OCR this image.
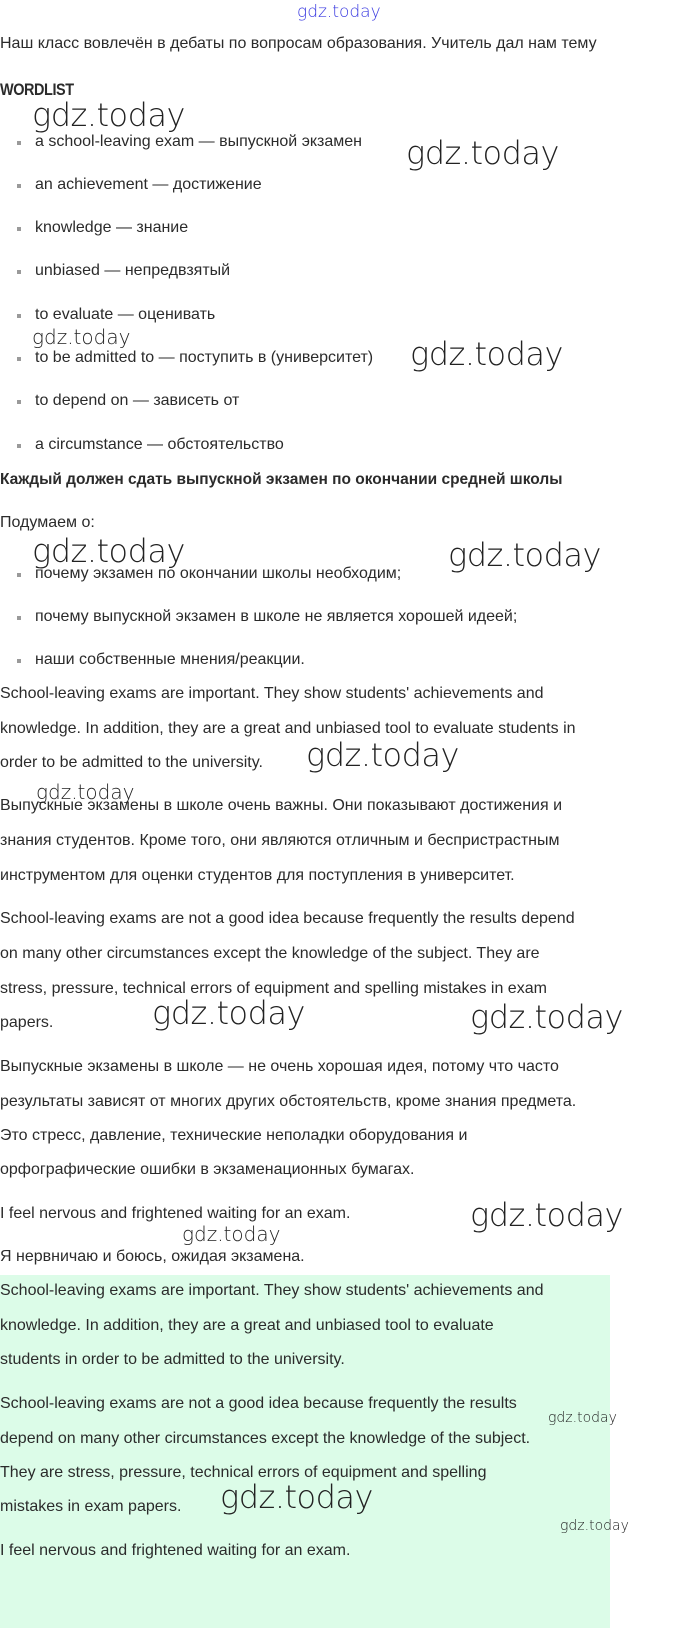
gdz.today
Наш класс вовлечён в дебаты по вопросам образования. Учитель дал нам тему
WORDLIST
Каждый должен сдать выпускной экзамен по окончании средней школы
Подумаем о:
a school-leaving exam — выпускной экзамен
an achievement — достижение
knowledge — знание
unbiased — непредвзятый
to evaluate — оценивать
to be admitted to — поступить в (университет)
to depend on — зависеть от
a circumstance — обстоятельство
почему экзамен по окончании школы необходим;
почему выпускной экзамен в школе не является хорошей идеей;
наши собственные мнения/реакции.
School-leaving exams are important. They show students' achievements and
knowledge. In addition, they are a great and unbiased tool to evaluate students in
order to be admitted to the university.
Выпускные экзамены в школе очень важны. Они показывают достижения и
знания студентов. Кроме того, они являются отличным и беспристрастным
инструментом для оценки студентов для поступления в университет.
School-leaving exams are not a good idea because frequently the results depend
on many other circumstances except the knowledge of the subject. They are
stress, pressure, technical errors of equipment and spelling mistakes in exam
papers.
Выпускные экзамены в школе — не очень хорошая идея, потому что часто
результаты зависят от многих других обстоятельств, кроме знания предмета.
Это стресс, давление, технические неполадки оборудования и
орфографические ошибки в экзаменационных бумагах.
I feel nervous and frightened waiting for an exam.
Я нервничаю и боюсь, ожидая экзамена.
School-leaving exams are important. They show students' achievements and
knowledge. In addition, they are a great and unbiased tool to evaluate
students in order to be admitted to the university.
School-leaving exams are not a good idea because frequently the results
depend on many other circumstances except the knowledge of the subject.
They are stress, pressure, technical errors of equipment and spelling
mistakes in exam papers.
I feel nervous and frightened waiting for an exam.
gdz.today
gdz.today
gdz.today	gdz.today
gdz.today	gdz.today
gdz.today
gdz.today
gdz.today	gdz.today
gdz.today
gdz.today
gdz.today
gdz.today
gdz.today
